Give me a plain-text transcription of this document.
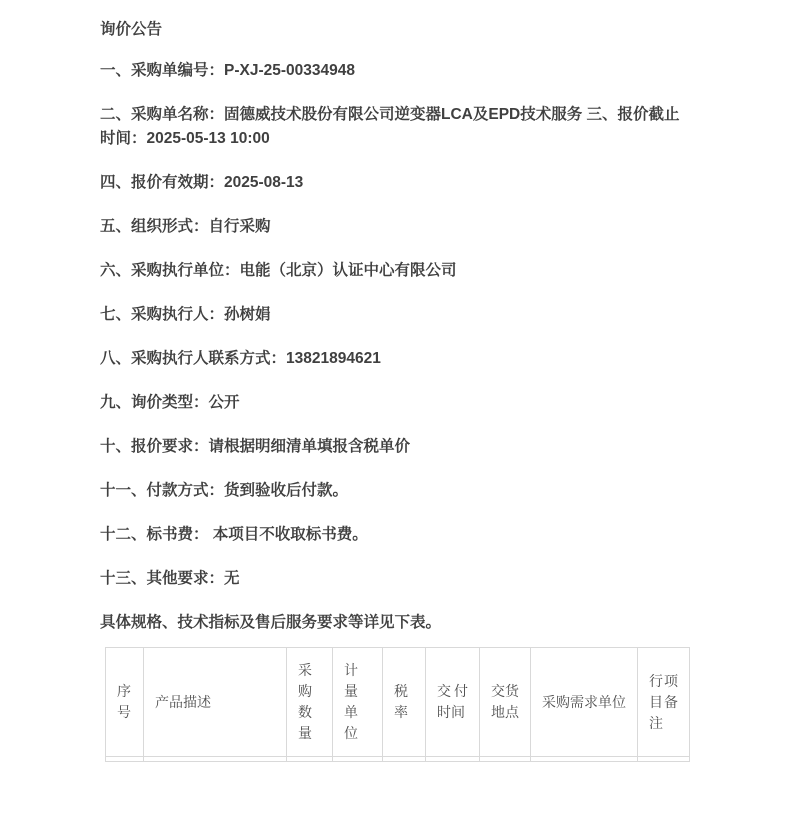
询价公告

一、采购单编号：P-XJ-25-00334948

二、采购单名称：固德威技术股份有限公司逆变器LCA及EPD技术服务 三、报价截止时间：2025-05-13 10:00

四、报价有效期：2025-08-13

五、组织形式：自行采购

六、采购执行单位：电能（北京）认证中心有限公司

七、采购执行人：孙树娟

八、采购执行人联系方式：13821894621

九、询价类型：公开

十、报价要求：请根据明细清单填报含税单价

十一、付款方式：货到验收后付款。

十二、标书费： 本项目不收取标书费。

十三、其他要求：无

具体规格、技术指标及售后服务要求等详见下表。

序号	产品描述	采购数量	计量单位	税率	交付时间	交货地点	采购需求单位	行项目备注
